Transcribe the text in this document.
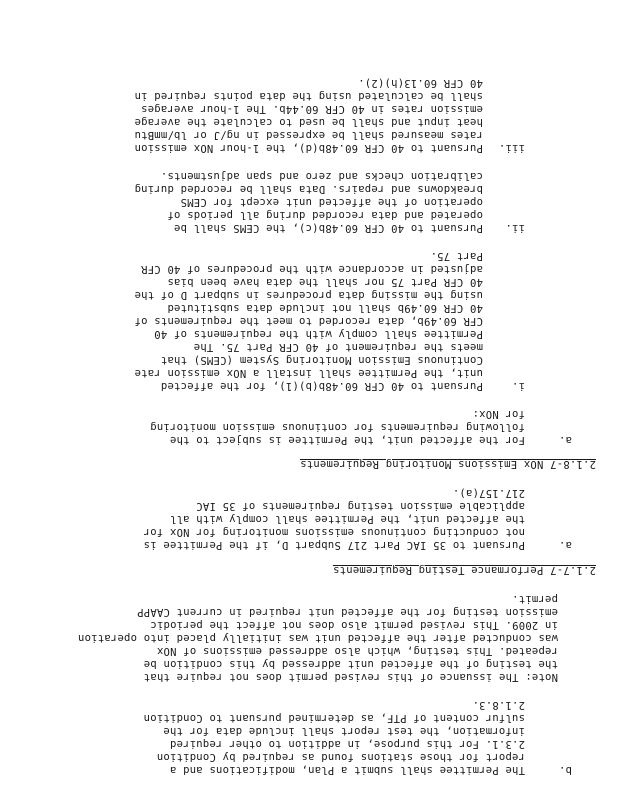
b.
The Permittee shall submit a Plan, modifications and a
report for those stations found as required by Condition
2.3.1. For this purpose, in addition to other required
information, the test report shall include data for the
sulfur content of PTF, as determined pursuant to Condition
2.1.8.3.
Note: The issuance of this revised permit does not require that
the testing of the affected unit addressed by this condition be
repeated. This testing, which also addressed emissions of NOx
was conducted after the affected unit was initially placed into operation
in 2009. This revised permit also does not affect the periodic
emission testing for the affected unit required in current CAAPP
permit.
2.1.7-7 Performance Testing Requirements
a.
Pursuant to 35 IAC Part 217 Subpart D, if the Permittee is
not conducting continuous emissions monitoring for NOx for
the affected unit, the Permittee shall comply with all
applicable emission testing requirements of 35 IAC
217.157(a).
2.1.8-7 NOx Emissions Monitoring Requirements
a.
For the affected unit, the Permittee is subject to the
following requirements for continuous emission monitoring
for NOx:
i.
Pursuant to 40 CFR 60.48b(b)(1), for the affected
unit, the Permittee shall install a NOx emission rate
Continuous Emission Monitoring System (CEMS) that
meets the requirement of 40 CFR Part 75. The
Permittee shall comply with the requirements of 40
CFR 60.49b, data recorded to meet the requirements of
40 CFR 60.49b shall not include data substituted
using the missing data procedures in subpart D of the
40 CFR Part 75 nor shall the data have been bias
adjusted in accordance with the procedures of 40 CFR
Part 75.
ii.
Pursuant to 40 CFR 60.48b(c), the CEMS shall be
operated and data recorded during all periods of
operation of the affected unit except for CEMS
breakdowns and repairs. Data shall be recorded during
calibration checks and zero and span adjustments.
iii.
Pursuant to 40 CFR 60.48b(d), the 1-hour NOx emission
rates measured shall be expressed in ng/J or lb/mmBtu
heat input and shall be used to calculate the average
emission rates in 40 CFR 60.44b. The 1-hour averages
shall be calculated using the data points required in
40 CFR 60.13(h)(2).
